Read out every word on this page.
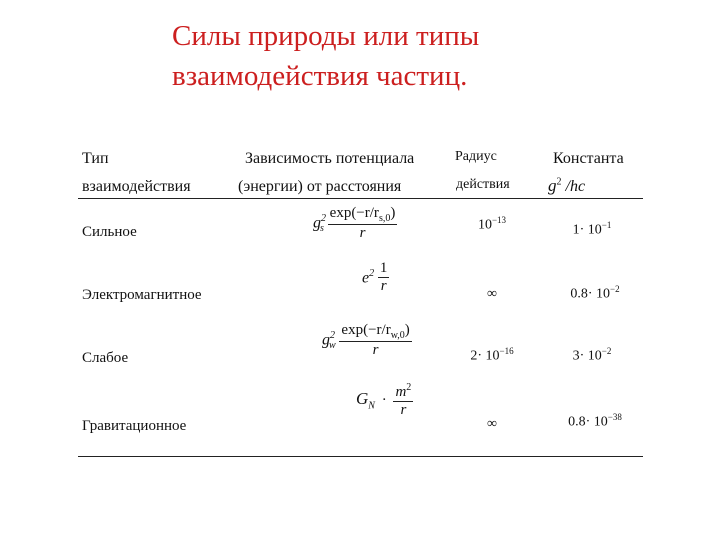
Силы природы или типы
взаимодействия частиц.
Тип
взаимодействия
Зависимость потенциала
(энергии) от расстояния
Радиус
действия
Константа
$g^2$ /hc
Сильное
Электромагнитное
Слабое
Гравитационное
$g^2_s \frac{\exp(-r/r_{s,0})}{r}$
$e^2 \frac{1}{r}$
$g^2_w \frac{\exp(-r/r_{w,0})}{r}$
$G_N \cdot \frac{m^2}{r}$
$10^{-13}$
∞
$2\cdot 10^{-16}$
∞
$1\cdot 10^{-1}$
$0.8\cdot 10^{-2}$
$3\cdot 10^{-2}$
$0.8\cdot 10^{-38}$
